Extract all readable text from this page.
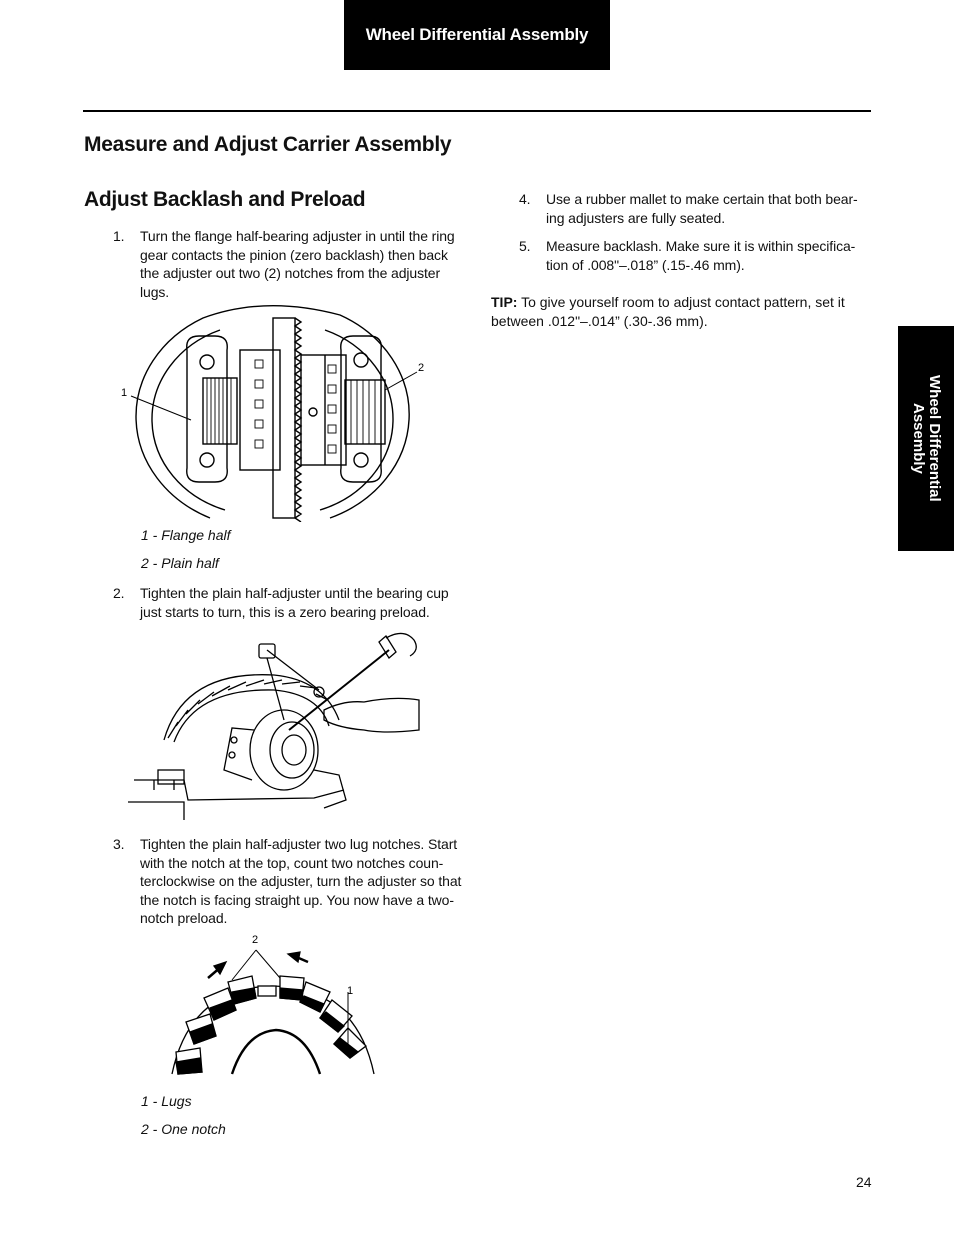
Wheel Differential Assembly
Wheel Differential
Assembly
Measure and Adjust Carrier Assembly
Adjust Backlash and Preload
1. Turn the flange half-bearing adjuster in until the ring gear contacts the pinion (zero backlash) then back the adjuster out two (2) notches from the adjuster lugs.
1
2
1 - Flange half
2 - Plain half
2. Tighten the plain half-adjuster until the bearing cup just starts to turn, this is a zero bearing preload.
3. Tighten the plain half-adjuster two lug notches. Start with the notch at the top, count two notches coun-terclockwise on the adjuster, turn the adjuster so that the notch is facing straight up. You now have a two-notch preload.
2
1
1 - Lugs
2 - One notch
4. Use a rubber mallet to make certain that both bear-ing adjusters are fully seated.
5. Measure backlash. Make sure it is within specifica-tion of .008"–.018” (.15-.46 mm).
TIP: To give yourself room to adjust contact pattern, set it between .012"–.014” (.30-.36 mm).
24
